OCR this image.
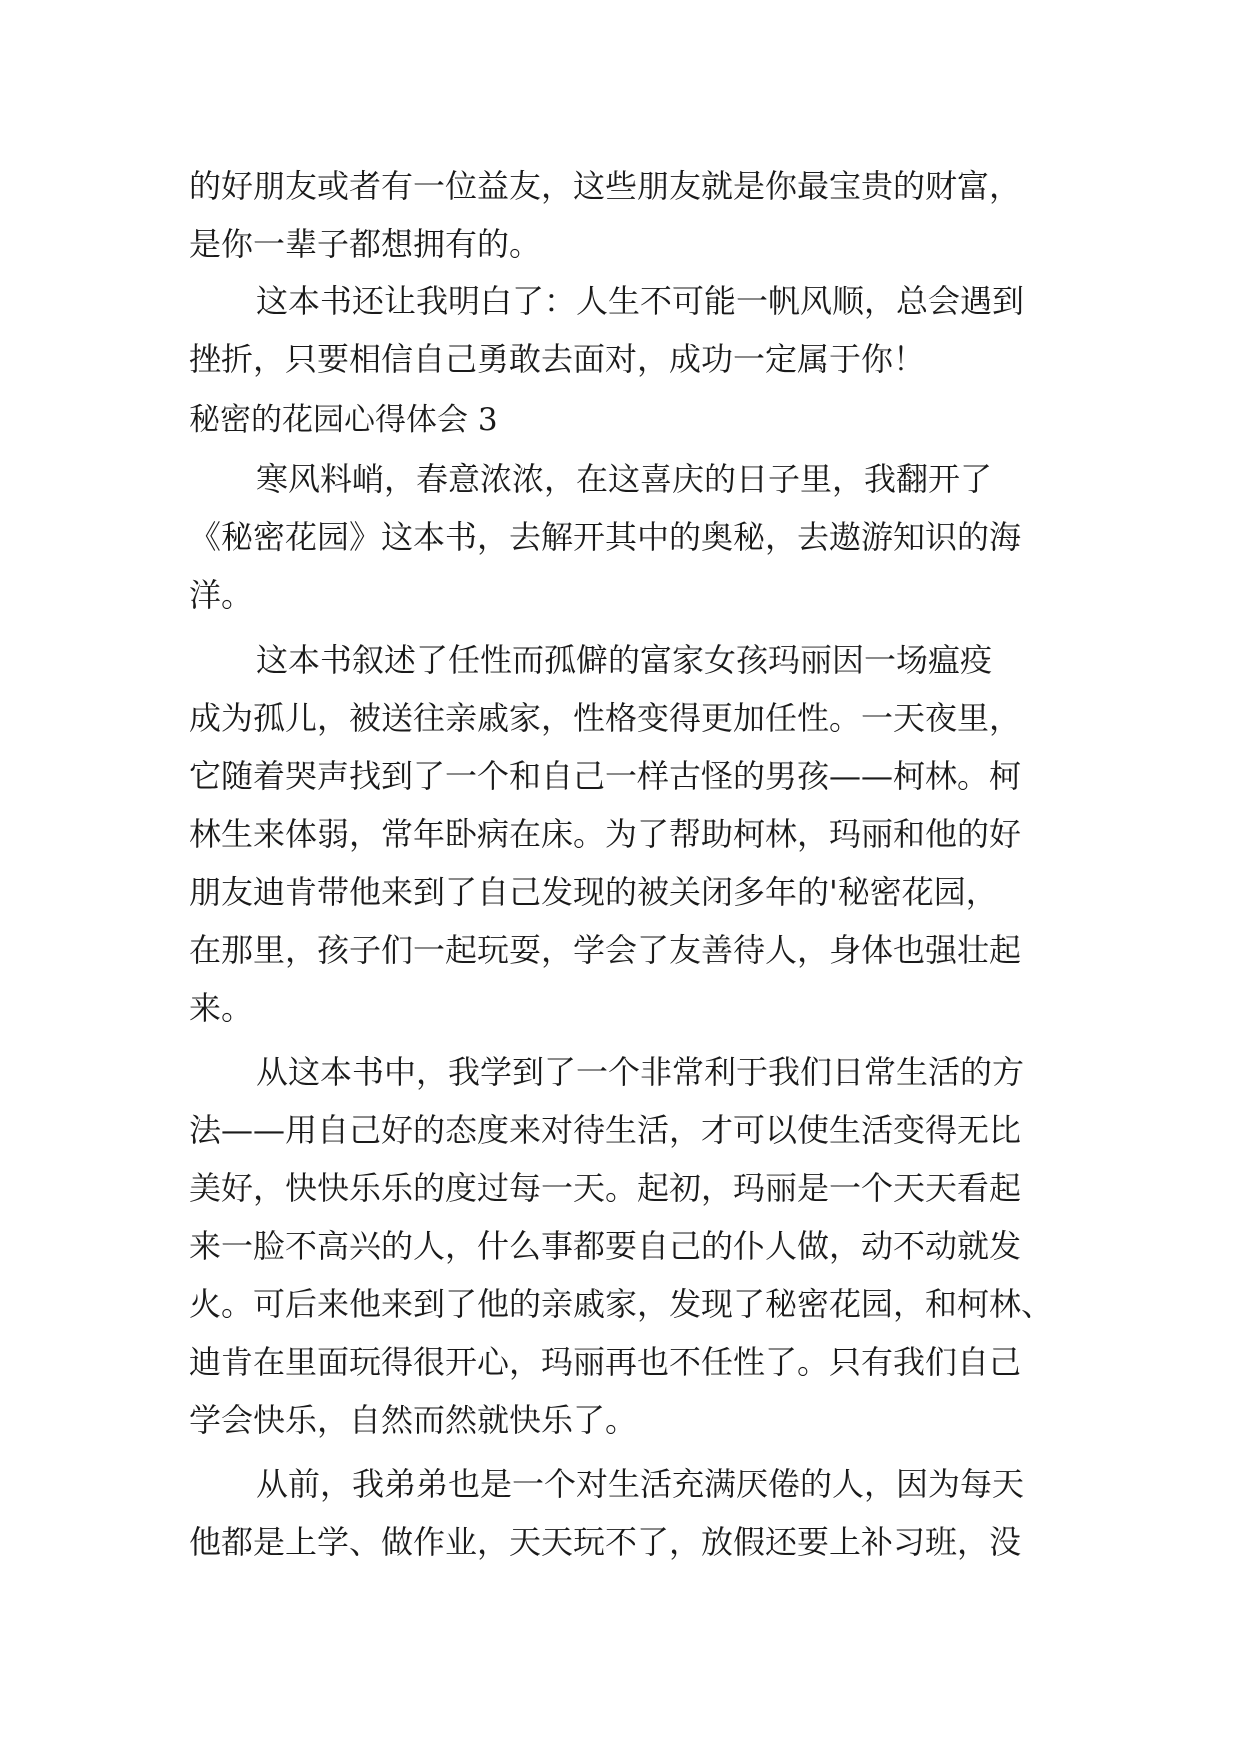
的好朋友或者有一位益友，这些朋友就是你最宝贵的财富，
是你一辈子都想拥有的。
这本书还让我明白了：人生不可能一帆风顺，总会遇到
挫折，只要相信自己勇敢去面对，成功一定属于你！
秘密的花园心得体会 3
寒风料峭，春意浓浓，在这喜庆的日子里，我翻开了
《秘密花园》这本书，去解开其中的奥秘，去遨游知识的海
洋。
这本书叙述了任性而孤僻的富家女孩玛丽因一场瘟疫
成为孤儿，被送往亲戚家，性格变得更加任性。一天夜里，
它随着哭声找到了一个和自己一样古怪的男孩——柯林。柯
林生来体弱，常年卧病在床。为了帮助柯林，玛丽和他的好
朋友迪肯带他来到了自己发现的被关闭多年的'秘密花园，
在那里，孩子们一起玩耍，学会了友善待人，身体也强壮起
来。
从这本书中，我学到了一个非常利于我们日常生活的方
法——用自己好的态度来对待生活，才可以使生活变得无比
美好，快快乐乐的度过每一天。起初，玛丽是一个天天看起
来一脸不高兴的人，什么事都要自己的仆人做，动不动就发
火。可后来他来到了他的亲戚家，发现了秘密花园，和柯林、
迪肯在里面玩得很开心，玛丽再也不任性了。只有我们自己
学会快乐，自然而然就快乐了。
从前，我弟弟也是一个对生活充满厌倦的人，因为每天
他都是上学、做作业，天天玩不了，放假还要上补习班，没
